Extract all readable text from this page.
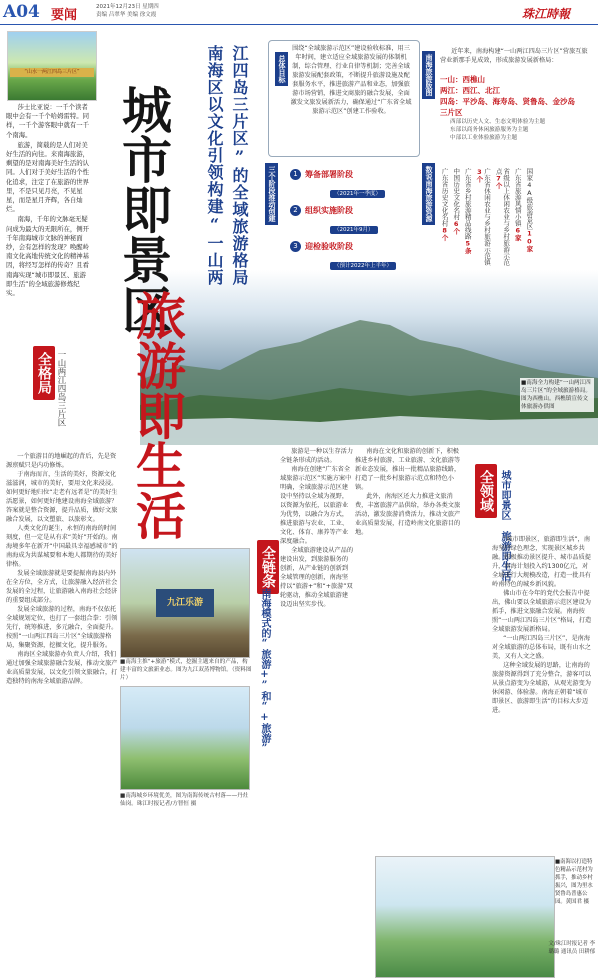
A04 要闻
2021年12月23日 星期四
责编 吕翠华 美编 徐文霞	珠江時報
■南海全力构建“一山两江四岛三片区”的全域旅游格局。图为西樵山。西樵镇宣传文体旅游办供图
“山水一两江四岛三片区”

莎士比亚说：一千个读者眼中会有一千个哈姆雷特。同样，一千个游客眼中就有一千个南海。

旅游，简载的是人们对美好生活的向往。来南海旅游，剩望的是对南海美好生活的认同。人们对于美好生活的个性化追求，注定了在旅游的世界里，不是只见月亮，不见星星，而是星月齐辉，各自灿烂。

南海，千年的文脉毫无疑问成为最大的无限所在，侧开千年南海城市文脉的神秘面纱，会有怎样的发现？唤醒岭南文化高地传统文化的精神基因，将经写怎样的传奇？且看南海实现“城市即景区、旅游即生活”的全域旅游修炼纪实。	城市即景区
旅游即生活
江四岛三片区”的全域旅游格局
南海区以文化引领构建“一山两	总体目标
围绕“全域旅游示范区”建设验收标准，用三年时间，建立适应全域旅游发展的体制机制，综合管理、行业自律等机制；完善全域旅游发展配套政策，不断提升旅游设施及配套服务水平，推进旅游产品和业态，加强旅游市场营销，推进文商旅的融合发展，全面激发文旅发展新活力，确保通过“广东省全域旅游示范区”创建工作验收。
三个阶段推动创建	1 筹备部署阶段
（2021年一季度）
2 组织实施阶段
（2021年9月）
3 迎检验收阶段
（预计2022年上半年）
南海旅游版图
近年来，南海构建“一山两江四岛三片区”营旅互旅营业新那手见成效，形成旅游发展新格局：
一山：西樵山
两江：西江、北江
四岛：平沙岛、海寿岛、贤鲁岛、金沙岛
三片区
西部以历史人文、生态文明体验为主题
东部以商务休闲旅游服务为主题
中部以工业体验旅游为主题
数说南海旅游资源	国家4A级旅游景区10家
广东省旅游风情小镇6家
省级以上休闲农业与乡村旅游示范点7个
广东省休闲农业与乡村旅游示范镇3个
广东省乡村旅游精品线路5条
中国历史文化名村6个
广东省历史文化名村8个
全格局 一山两江四岛三片区

一个旅游目的地崛起的背后，先是资源禀赋只是内功修炼。

于南海而言，生活的美好，资源文化滋滋润，城市的美好，要用文化来浸浸。如何更好地归位“走老有远者是”的美好生活愿景，如何更好地建设南海全域旅游？答案就是整合资源，提升品质，做好文旅融合发展，以文塑旅、以旅彰文。

人类文化的诞生，永恒的南海的时间刻度，但一定是从有求“美好”开始的。南海境多年在新开“中国最具幸福感城市”的南海成为共谋城要和本地人都期待的美好律格。

发展全域旅游就是要提振南海县内外在全方位，全方式，让旅游融入经济社会发展的全过程，让旅游融入南海社会经济的重要组成部分。

发展全域旅游的过程，南海不仅依托全域规划定位，也打了一套组合拳：引领先行，统筹推进，多元融合，全面提升。按照“一山两江四岛三片区”全域旅游格局，集聚资源，挖掘文化，提升服务。

南海区全域旅游办负责人介绍，我们通过加强全域旅游融合发展，推动文旅产业高质量发展，以文化引领文旅融合，打造独特的南海全域旅游品牌。

九江乐游
■南海主推“+旅游”模式，挖掘主题来自的产品，构建丰富的文旅新业态。图为九江双蒸博物馆。（资料图片）
■南海城乡环境优美，图为南海传统古村落——丹灶仙岗。珠江时报记者/方智恒 摄
全链条
南海模式的“旅游+”和“+旅游”

旅游是一种以生存活力全链条形成的活动。

南海在创建“广东省全域旅游示范区”实施方案中明确，全域旅游示范区建设中坚持以全域为视野，以资源为依托，以旅游业为优势，以融合为方式，推进旅游与农业、工业、文化、体育、康养等产业深度融合。

全域旅游建设从产品的建设出发，到旅游服务的创新，从产业链的创新到全域管理的创新，南海坚持以“旅游+”和“+旅游”双轮驱动，推动全域旅游建设迈出坚实步伐。

南海在文化和旅游的创新下，积极推进乡村旅游、工业旅游、文化旅游等新业态发展，推出一批精品旅游线路，打造了一批乡村旅游示范点和特色小镇。

此外，南海区还大力推进文旅消费，丰富旅游产品供给，举办各类文旅活动，激发旅游消费活力，推动文旅产业高质量发展，打造岭南文化旅游目的地。

全领域 城市即景区 旅游即生活

“城市即景区，旅游即生活”，南海坚持绿色理念，实现景区城乡共融。积极推动景区提升、城市品质提升，南海计划投入约1300亿元，对全域进行大规模改造，打造一批具有岭南特色的城乡新风貌。

佛山市在今年的党代会报告中提出，佛山要以全域旅游示范区建设为抓手，推进文旅融合发展。南海按照“一山两江四岛三片区”格局，打造全域旅游发展新格局。

“一山两江四岛三片区”，是南海对全域旅游的总体布局，既有山水之美，又有人文之盛。

这种全域发展的思路，让南海的旅游资源得到了充分整合，游客可以从景点游变为全域游，从观光游变为休闲游、体验游。南海正朝着“城市即景区、旅游即生活”的目标大步迈进。

■南海以打造特色精品示范村为抓手，推动乡村振兴，图为里水贤鲁岛普惠公园。黄国君 摄
文/珠江时报记者 李璐璐 通讯员 田耕郁
